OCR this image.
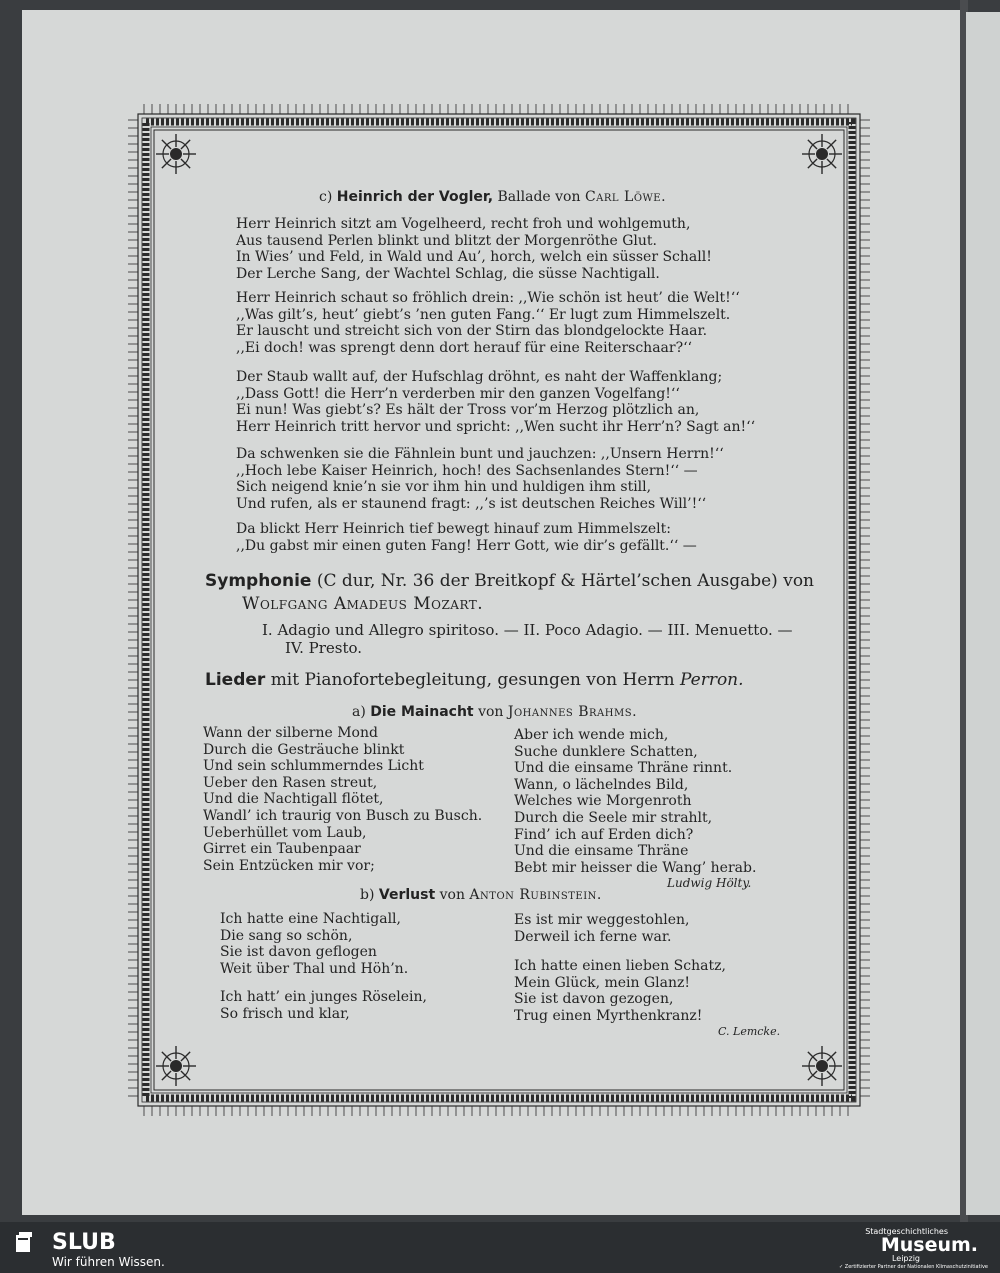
c) Heinrich der Vogler, Ballade von Carl Löwe.
Herr Heinrich sitzt am Vogelheerd, recht froh und wohlgemuth,
Aus tausend Perlen blinkt und blitzt der Morgenröthe Glut.
In Wies’ und Feld, in Wald und Au’, horch, welch ein süsser Schall!
Der Lerche Sang, der Wachtel Schlag, die süsse Nachtigall.
Herr Heinrich schaut so fröhlich drein: ,,Wie schön ist heut’ die Welt!‘‘
,,Was gilt’s, heut’ giebt’s ’nen guten Fang.‘‘ Er lugt zum Himmelszelt.
Er lauscht und streicht sich von der Stirn das blondgelockte Haar.
,,Ei doch! was sprengt denn dort herauf für eine Reiterschaar?‘‘
Der Staub wallt auf, der Hufschlag dröhnt, es naht der Waffenklang;
,,Dass Gott! die Herr’n verderben mir den ganzen Vogelfang!‘‘
Ei nun! Was giebt’s? Es hält der Tross vor’m Herzog plötzlich an,
Herr Heinrich tritt hervor und spricht: ,,Wen sucht ihr Herr’n? Sagt an!‘‘
Da schwenken sie die Fähnlein bunt und jauchzen: ,,Unsern Herrn!‘‘
,,Hoch lebe Kaiser Heinrich, hoch! des Sachsenlandes Stern!‘‘ —
Sich neigend knie’n sie vor ihm hin und huldigen ihm still,
Und rufen, als er staunend fragt: ,,’s ist deutschen Reiches Will’!‘‘
Da blickt Herr Heinrich tief bewegt hinauf zum Himmelszelt:
,,Du gabst mir einen guten Fang! Herr Gott, wie dir’s gefällt.‘‘ —
Symphonie (C dur, Nr. 36 der Breitkopf & Härtel’schen Ausgabe) von
Wolfgang Amadeus Mozart.
I. Adagio und Allegro spiritoso. — II. Poco Adagio. — III. Menuetto. —
IV. Presto.
Lieder mit Pianofortebegleitung, gesungen von Herrn Perron.
a) Die Mainacht von Johannes Brahms.
Wann der silberne Mond
Durch die Gesträuche blinkt
Und sein schlummerndes Licht
Ueber den Rasen streut,
Und die Nachtigall flötet,
Wandl’ ich traurig von Busch zu Busch.
Ueberhüllet vom Laub,
Girret ein Taubenpaar
Sein Entzücken mir vor;
Aber ich wende mich,
Suche dunklere Schatten,
Und die einsame Thräne rinnt.
Wann, o lächelndes Bild,
Welches wie Morgenroth
Durch die Seele mir strahlt,
Find’ ich auf Erden dich?
Und die einsame Thräne
Bebt mir heisser die Wang’ herab.
Ludwig Hölty.
b) Verlust von Anton Rubinstein.
Ich hatte eine Nachtigall,
Die sang so schön,
Sie ist davon geflogen
Weit über Thal und Höh’n.
Ich hatt’ ein junges Röselein,
So frisch und klar,
Es ist mir weggestohlen,
Derweil ich ferne war.
Ich hatte einen lieben Schatz,
Mein Glück, mein Glanz!
Sie ist davon gezogen,
Trug einen Myrthenkranz!
C. Lemcke.
SLUB
Wir führen Wissen.
Stadtgeschichtliches
Museum.
Leipzig
✓ Zertifizierter Partner der Nationalen Klimaschutzinitiative
